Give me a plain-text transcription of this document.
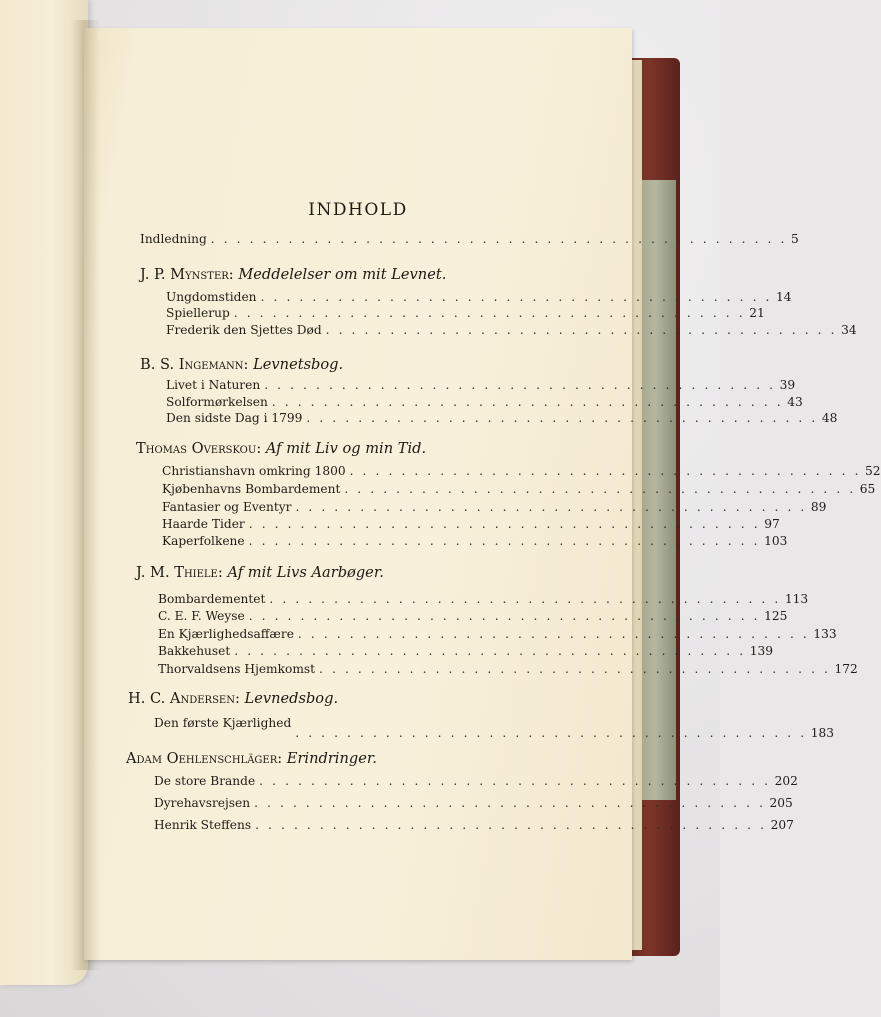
INDHOLD
Indledning . . . . . . . . . . . . . . . . . . . . . . . . . . . . . . . . . . . . . . . . . . . . . 5
J. P. Mynster: Meddelelser om mit Levnet.
Ungdomstiden . . . . . . . . . . . . . . . . . . . . . . . . . . . . . . . . . . . . . . . . 14
Spiellerup . . . . . . . . . . . . . . . . . . . . . . . . . . . . . . . . . . . . . . . . 21
Frederik den Sjettes Død . . . . . . . . . . . . . . . . . . . . . . . . . . . . . . . . . . . . . . . . 34
B. S. Ingemann: Levnetsbog.
Livet i Naturen . . . . . . . . . . . . . . . . . . . . . . . . . . . . . . . . . . . . . . . . 39
Solformørkelsen . . . . . . . . . . . . . . . . . . . . . . . . . . . . . . . . . . . . . . . . 43
Den sidste Dag i 1799 . . . . . . . . . . . . . . . . . . . . . . . . . . . . . . . . . . . . . . . . 48
Thomas Overskou: Af mit Liv og min Tid.
Christianshavn omkring 1800 . . . . . . . . . . . . . . . . . . . . . . . . . . . . . . . . . . . . . . . . 52
Kjøbenhavns Bombardement . . . . . . . . . . . . . . . . . . . . . . . . . . . . . . . . . . . . . . . . 65
Fantasier og Eventyr . . . . . . . . . . . . . . . . . . . . . . . . . . . . . . . . . . . . . . . . 89
Haarde Tider . . . . . . . . . . . . . . . . . . . . . . . . . . . . . . . . . . . . . . . . 97
Kaperfolkene . . . . . . . . . . . . . . . . . . . . . . . . . . . . . . . . . . . . . . . . 103
J. M. Thiele: Af mit Livs Aarbøger.
Bombardementet . . . . . . . . . . . . . . . . . . . . . . . . . . . . . . . . . . . . . . . . 113
C. E. F. Weyse . . . . . . . . . . . . . . . . . . . . . . . . . . . . . . . . . . . . . . . . 125
En Kjærlighedsaffære . . . . . . . . . . . . . . . . . . . . . . . . . . . . . . . . . . . . . . . . 133
Bakkehuset . . . . . . . . . . . . . . . . . . . . . . . . . . . . . . . . . . . . . . . . 139
Thorvaldsens Hjemkomst . . . . . . . . . . . . . . . . . . . . . . . . . . . . . . . . . . . . . . . . 172
H. C. Andersen: Levnedsbog.
Den første Kjærlighed
. . . . . . . . . . . . . . . . . . . . . . . . . . . . . . . . . . . . . . . . 183
Adam Oehlenschläger: Erindringer.
De store Brande . . . . . . . . . . . . . . . . . . . . . . . . . . . . . . . . . . . . . . . . 202
Dyrehavsrejsen . . . . . . . . . . . . . . . . . . . . . . . . . . . . . . . . . . . . . . . . 205
Henrik Steffens . . . . . . . . . . . . . . . . . . . . . . . . . . . . . . . . . . . . . . . . 207
